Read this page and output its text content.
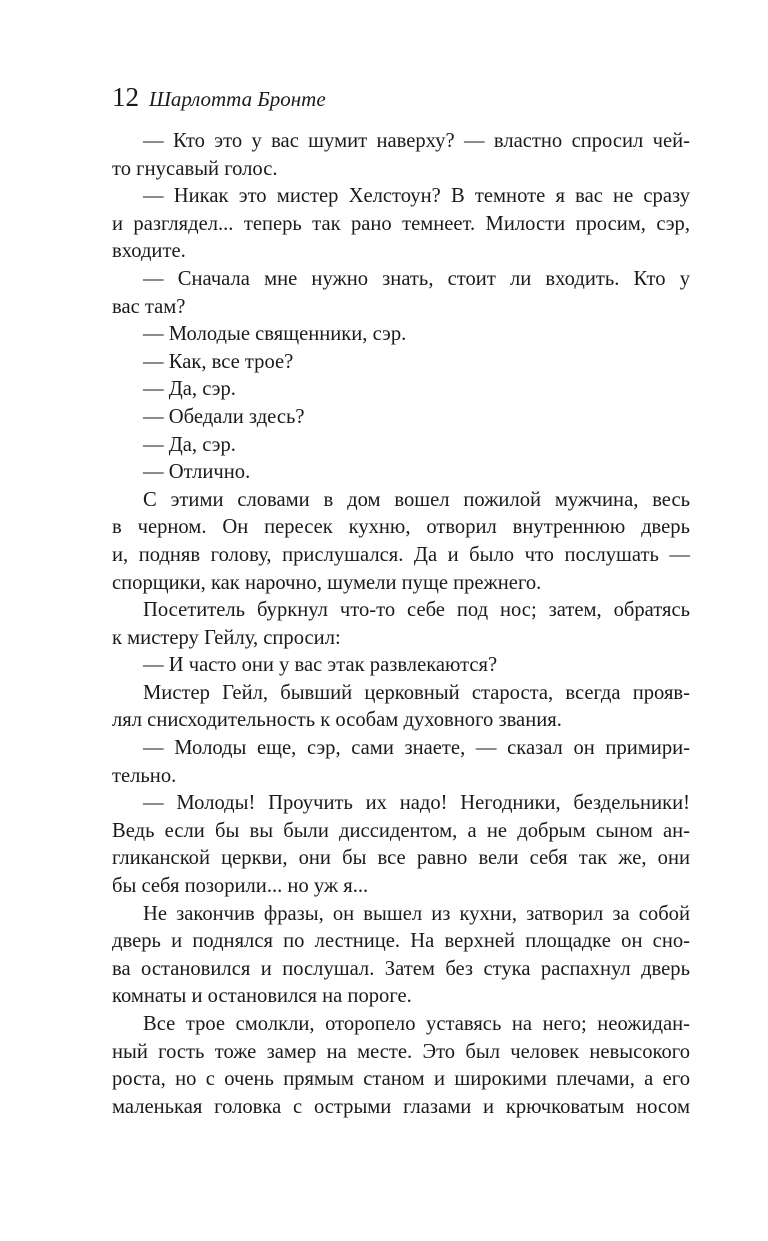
12 Шарлотта Бронте
— Кто это у вас шумит наверху? — властно спросил чей-
то гнусавый голос.
— Никак это мистер Хелстоун? В темноте я вас не сразу
и разглядел... теперь так рано темнеет. Милости просим, сэр,
входите.
— Сначала мне нужно знать, стоит ли входить. Кто у
вас там?
— Молодые священники, сэр.
— Как, все трое?
— Да, сэр.
— Обедали здесь?
— Да, сэр.
— Отлично.
С этими словами в дом вошел пожилой мужчина, весь
в черном. Он пересек кухню, отворил внутреннюю дверь
и, подняв голову, прислушался. Да и было что послушать —
спорщики, как нарочно, шумели пуще прежнего.
Посетитель буркнул что-то себе под нос; затем, обратясь
к мистеру Гейлу, спросил:
— И часто они у вас этак развлекаются?
Мистер Гейл, бывший церковный староста, всегда прояв-
лял снисходительность к особам духовного звания.
— Молоды еще, сэр, сами знаете, — сказал он примири-
тельно.
— Молоды! Проучить их надо! Негодники, бездельники!
Ведь если бы вы были диссидентом, а не добрым сыном ан-
гликанской церкви, они бы все равно вели себя так же, они
бы себя позорили... но уж я...
Не закончив фразы, он вышел из кухни, затворил за собой
дверь и поднялся по лестнице. На верхней площадке он сно-
ва остановился и послушал. Затем без стука распахнул дверь
комнаты и остановился на пороге.
Все трое смолкли, оторопело уставясь на него; неожидан-
ный гость тоже замер на месте. Это был человек невысокого
роста, но с очень прямым станом и широкими плечами, а его
маленькая головка с острыми глазами и крючковатым носом
